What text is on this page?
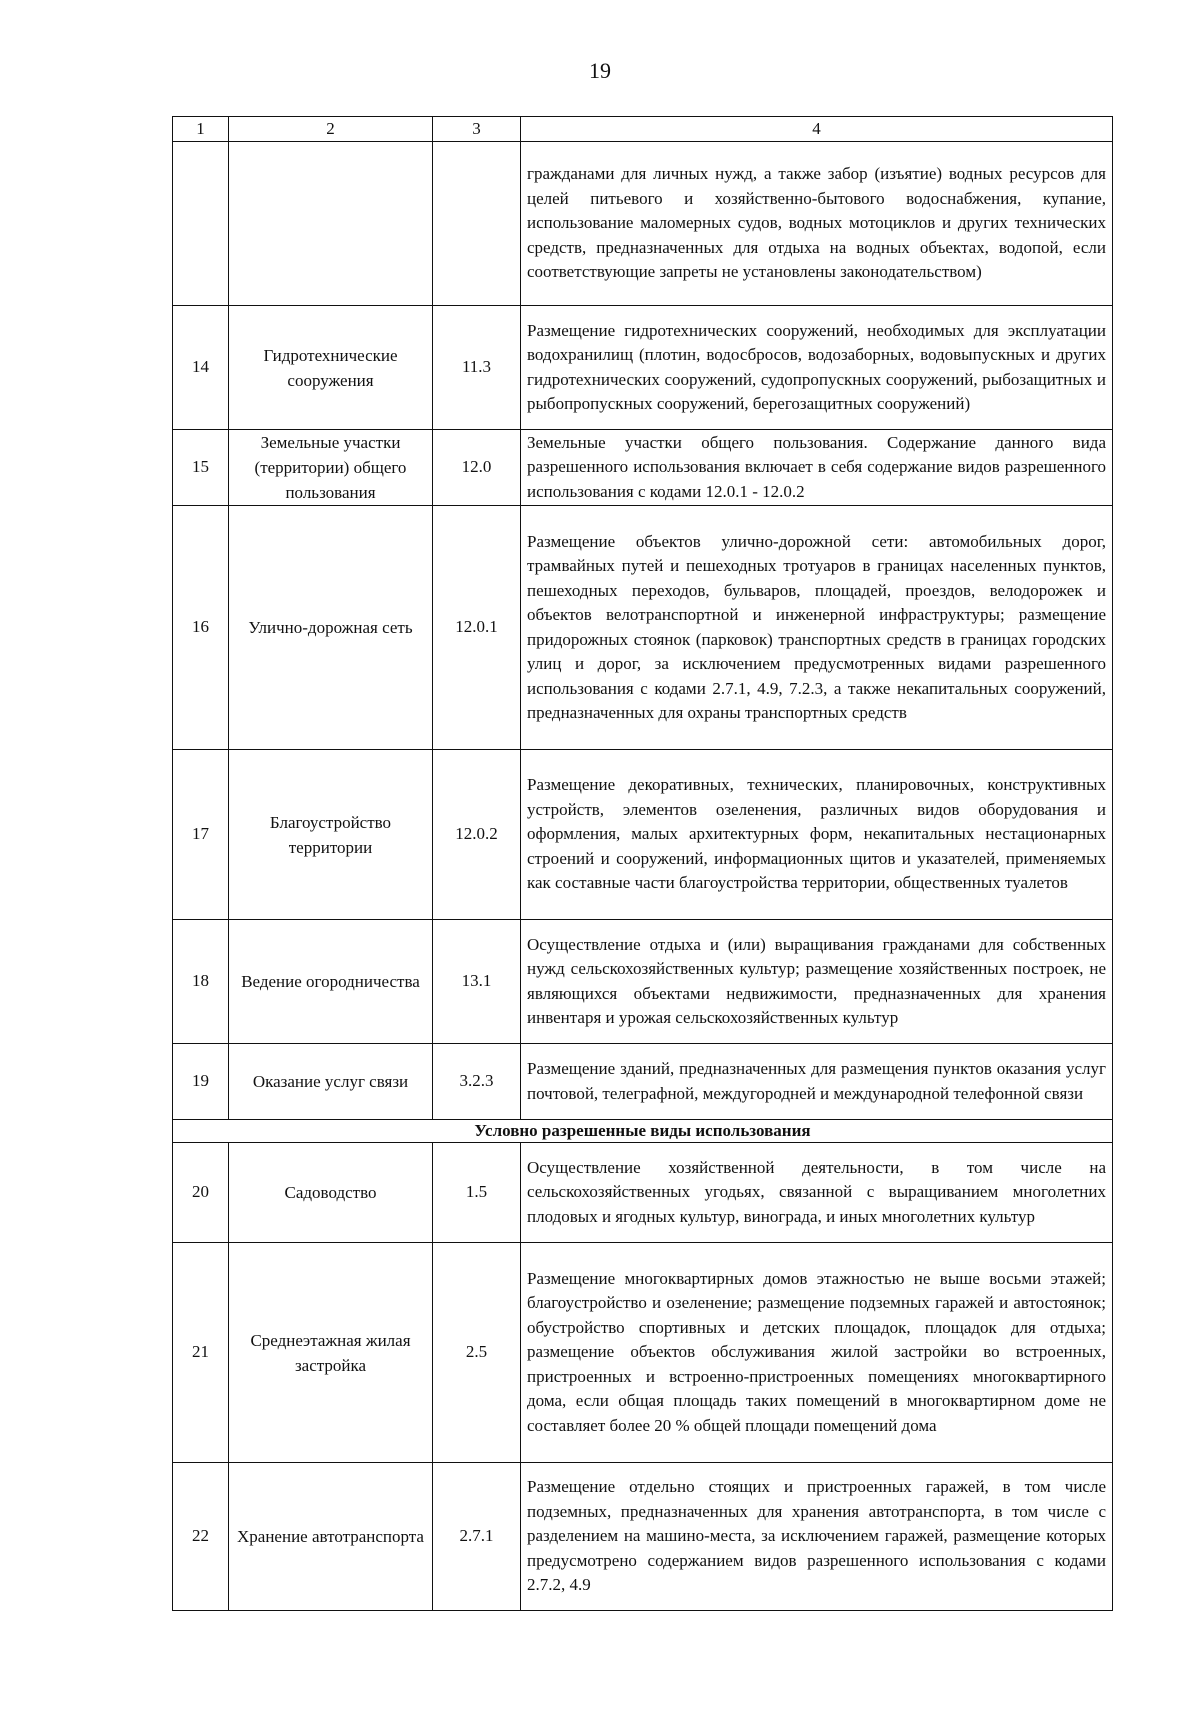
19
1	2	3	4
			гражданами для личных нужд, а также забор (изъятие) водных ресурсов для целей питьевого и хозяйственно-бытового водоснабжения, купание, использование маломерных судов, водных мотоциклов и других технических средств, предназначенных для отдыха на водных объектах, водопой, если соответствующие запреты не установлены законодательством)
14	Гидротехнические сооружения	11.3	Размещение гидротехнических сооружений, необходимых для эксплуатации водохранилищ (плотин, водосбросов, водозаборных, водовыпускных и других гидротехнических сооружений, судопропускных сооружений, рыбозащитных и рыбопропускных сооружений, берегозащитных сооружений)
15	Земельные участки (территории) общего пользования	12.0	Земельные участки общего пользования. Содержание данного вида разрешенного использования включает в себя содержание видов разрешенного использования с кодами 12.0.1 - 12.0.2
16	Улично-дорожная сеть	12.0.1	Размещение объектов улично-дорожной сети: автомобильных дорог, трамвайных путей и пешеходных тротуаров в границах населенных пунктов, пешеходных переходов, бульваров, площадей, проездов, велодорожек и объектов велотранспортной и инженерной инфраструктуры; размещение придорожных стоянок (парковок) транспортных средств в границах городских улиц и дорог, за исключением предусмотренных видами разрешенного использования с кодами 2.7.1, 4.9, 7.2.3, а также некапитальных сооружений, предназначенных для охраны транспортных средств
17	Благоустройство территории	12.0.2	Размещение декоративных, технических, планировочных, конструктивных устройств, элементов озеленения, различных видов оборудования и оформления, малых архитектурных форм, некапитальных нестационарных строений и сооружений, информационных щитов и указателей, применяемых как составные части благоустройства территории, общественных туалетов
18	Ведение огородничества	13.1	Осуществление отдыха и (или) выращивания гражданами для собственных нужд сельскохозяйственных культур; размещение хозяйственных построек, не являющихся объектами недвижимости, предназначенных для хранения инвентаря и урожая сельскохозяйственных культур
19	Оказание услуг связи	3.2.3	Размещение зданий, предназначенных для размещения пунктов оказания услуг почтовой, телеграфной, междугородней и международной телефонной связи
Условно разрешенные виды использования			
20	Садоводство	1.5	Осуществление хозяйственной деятельности, в том числе на сельскохозяйственных угодьях, связанной с выращиванием многолетних плодовых и ягодных культур, винограда, и иных многолетних культур
21	Среднеэтажная жилая застройка	2.5	Размещение многоквартирных домов этажностью не выше восьми этажей; благоустройство и озеленение; размещение подземных гаражей и автостоянок; обустройство спортивных и детских площадок, площадок для отдыха; размещение объектов обслуживания жилой застройки во встроенных, пристроенных и встроенно-пристроенных помещениях многоквартирного дома, если общая площадь таких помещений в многоквартирном доме не составляет более 20 % общей площади помещений дома
22	Хранение автотранспорта	2.7.1	Размещение отдельно стоящих и пристроенных гаражей, в том числе подземных, предназначенных для хранения автотранспорта, в том числе с разделением на машино-места, за исключением гаражей, размещение которых предусмотрено содержанием видов разрешенного использования с кодами 2.7.2, 4.9
